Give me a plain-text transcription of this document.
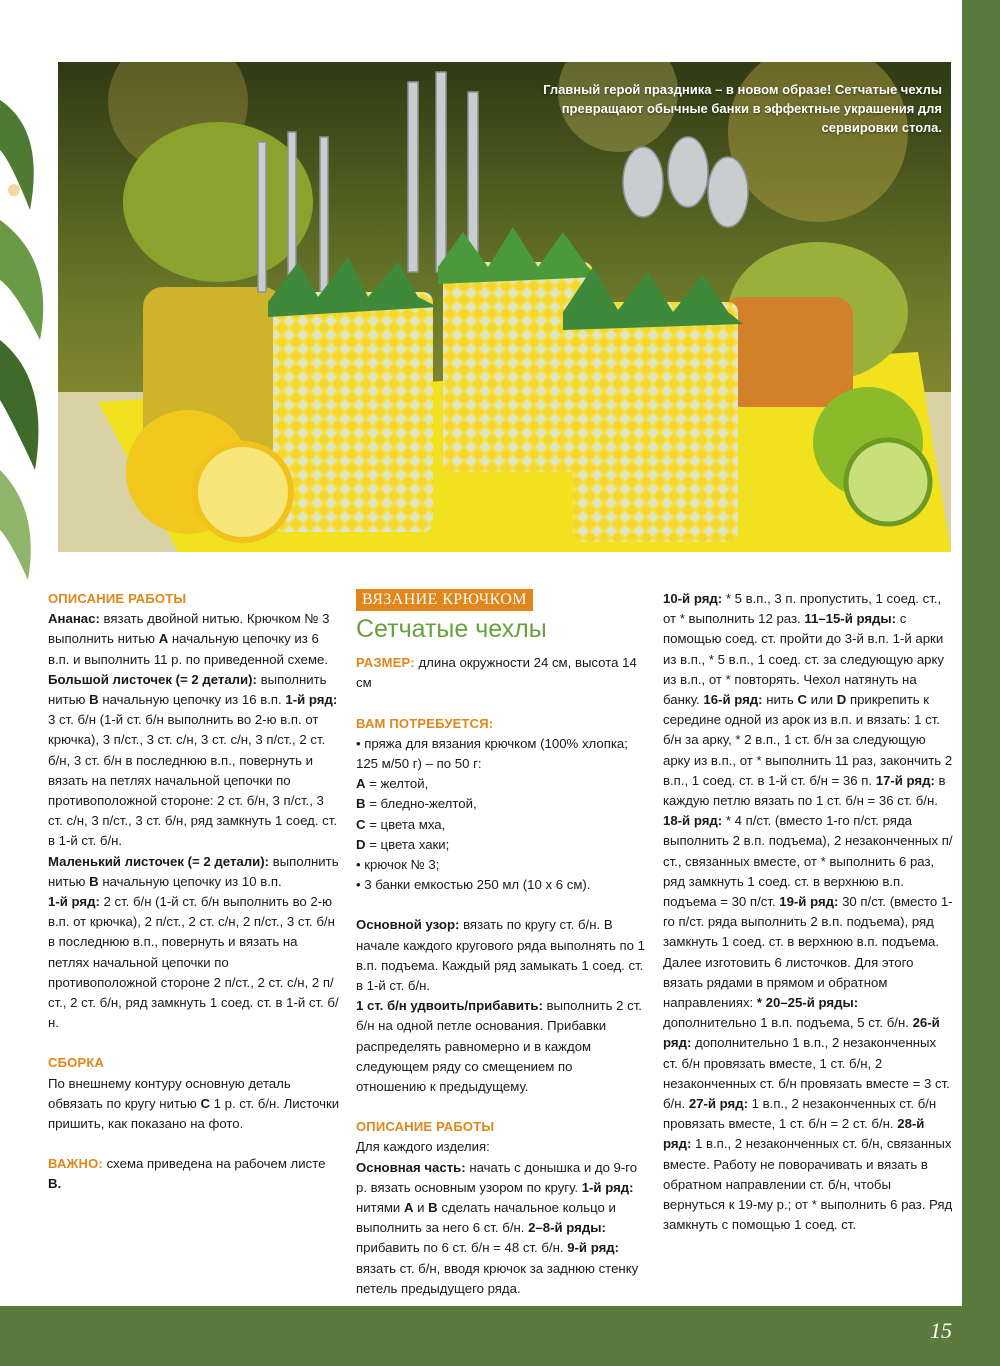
15
Главный герой праздника – в новом образе! Сетчатые чехлы превращают обычные банки в эффектные украшения для сервировки стола.

ОПИСАНИЕ РАБОТЫ

Ананас: вязать двойной нитью. Крючком № 3 выполнить нитью A начальную цепочку из 6 в.п. и выполнить 11 р. по приведенной схеме.

Большой листочек (= 2 детали): выполнить нитью B начальную цепочку из 16 в.п. 1-й ряд: 3 ст. б/н (1-й ст. б/н выполнить во 2-ю в.п. от крючка), 3 п/ст., 3 ст. с/н, 3 ст. с/н, 3 п/ст., 2 ст. б/н, 3 ст. б/н в последнюю в.п., повернуть и вязать на петлях начальной цепочки по противоположной стороне: 2 ст. б/н, 3 п/ст., 3 ст. с/н, 3 п/ст., 3 ст. б/н, ряд замкнуть 1 соед. ст. в 1-й ст. б/н.

Маленький листочек (= 2 детали): выполнить нитью B начальную цепочку из 10 в.п.

1-й ряд: 2 ст. б/н (1-й ст. б/н выполнить во 2-ю в.п. от крючка), 2 п/ст., 2 ст. с/н, 2 п/ст., 3 ст. б/н в последнюю в.п., повернуть и вязать на петлях начальной цепочки по противоположной стороне 2 п/ст., 2 ст. с/н, 2 п/ст., 2 ст. б/н, ряд замкнуть 1 соед. ст. в 1-й ст. б/н.

СБОРКА

По внешнему контуру основную деталь обвязать по кругу нитью C 1 р. ст. б/н. Листочки пришить, как показано на фото.

ВАЖНО: схема приведена на рабочем листе B.

ВЯЗАНИЕ КРЮЧКОМ
Сетчатые чехлы

РАЗМЕР: длина окружности 24 см, высота 14 см

ВАМ ПОТРЕБУЕТСЯ:

• пряжа для вязания крючком (100% хлопка; 125 м/50 г) – по 50 г:

A = желтой,

B = бледно-желтой,

C = цвета мха,

D = цвета хаки;

• крючок № 3;

• 3 банки емкостью 250 мл (10 x 6 см).

Основной узор: вязать по кругу ст. б/н. В начале каждого кругового ряда выполнять по 1 в.п. подъема. Каждый ряд замыкать 1 соед. ст. в 1-й ст. б/н.

1 ст. б/н удвоить/прибавить: выполнить 2 ст. б/н на одной петле основания. Прибавки распределять равномерно и в каждом следующем ряду со смещением по отношению к предыдущему.

ОПИСАНИЕ РАБОТЫ

Для каждого изделия:

Основная часть: начать с донышка и до 9-го р. вязать основным узором по кругу. 1-й ряд: нитями A и B сделать начальное кольцо и выполнить за него 6 ст. б/н. 2–8-й ряды: прибавить по 6 ст. б/н = 48 ст. б/н. 9-й ряд: вязать ст. б/н, вводя крючок за заднюю стенку петель предыдущего ряда.

10-й ряд: * 5 в.п., 3 п. пропустить, 1 соед. ст., от * выполнить 12 раз. 11–15-й ряды: с помощью соед. ст. пройти до 3-й в.п. 1-й арки из в.п., * 5 в.п., 1 соед. ст. за следующую арку из в.п., от * повторять. Чехол натянуть на банку. 16-й ряд: нить C или D прикрепить к середине одной из арок из в.п. и вязать: 1 ст. б/н за арку, * 2 в.п., 1 ст. б/н за следующую арку из в.п., от * выполнить 11 раз, закончить 2 в.п., 1 соед. ст. в 1-й ст. б/н = 36 п. 17-й ряд: в каждую петлю вязать по 1 ст. б/н = 36 ст. б/н. 18-й ряд: * 4 п/ст. (вместо 1-го п/ст. ряда выполнить 2 в.п. подъема), 2 незаконченных п/ст., связанных вместе, от * выполнить 6 раз, ряд замкнуть 1 соед. ст. в верхнюю в.п. подъема = 30 п/ст. 19-й ряд: 30 п/ст. (вместо 1-го п/ст. ряда выполнить 2 в.п. подъема), ряд замкнуть 1 соед. ст. в верхнюю в.п. подъема.

Далее изготовить 6 листочков. Для этого вязать рядами в прямом и обратном направлениях: * 20–25-й ряды: дополнительно 1 в.п. подъема, 5 ст. б/н. 26-й ряд: дополнительно 1 в.п., 2 незаконченных ст. б/н провязать вместе, 1 ст. б/н, 2 незаконченных ст. б/н провязать вместе = 3 ст. б/н. 27-й ряд: 1 в.п., 2 незаконченных ст. б/н провязать вместе, 1 ст. б/н = 2 ст. б/н. 28-й ряд: 1 в.п., 2 незаконченных ст. б/н, связанных вместе. Работу не поворачивать и вязать в обратном направлении ст. б/н, чтобы вернуться к 19-му р.; от * выполнить 6 раз. Ряд замкнуть с помощью 1 соед. ст.
